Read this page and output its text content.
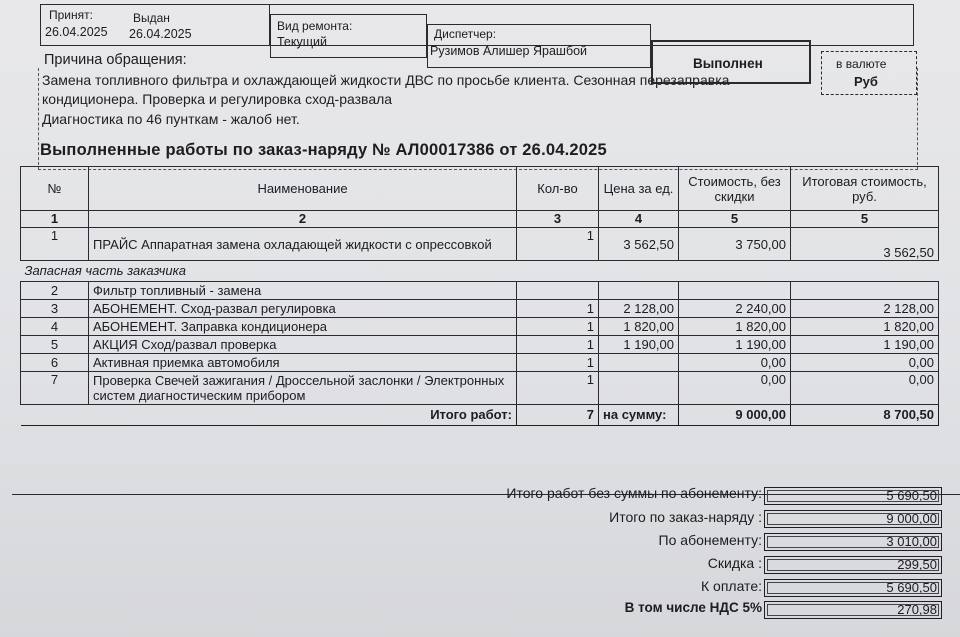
Принят:	Выдан
26.04.2025 26.04.2025
Вид ремонта:
Текущий
Диспетчер:
Рузимов Алишер Ярашбой
Выполнен	в валюте
Руб
Причина обращения:
Замена топливного фильтра и охлаждающей жидкости ДВС по просьбе клиента. Сезонная перезаправка
кондиционера. Проверка и регулировка сход-развала
Диагностика по 46 пунткам - жалоб нет.
Выполненные работы по заказ-наряду № АЛ00017386 от 26.04.2025
№	Наименование	Кол-во	Цена за ед.	Стоимость, без скидки	Итоговая стоимость, руб.
1	2	3	4	5	5
1	ПРАЙС Аппаратная замена охладающей жидкости с опрессовкой	1	3 562,50	3 750,00	3 562,50
Запасная часть заказчика					
2	Фильтр топливный - замена				
3	АБОНЕМЕНТ. Сход-развал регулировка	1	2 128,00	2 240,00	2 128,00
4	АБОНЕМЕНТ. Заправка кондиционера	1	1 820,00	1 820,00	1 820,00
5	АКЦИЯ Сход/развал проверка	1	1 190,00	1 190,00	1 190,00
6	Активная приемка автомобиля	1		0,00	0,00
7	Проверка Свечей зажигания / Дроссельной заслонки / Электронных систем диагностическим прибором	1		0,00	0,00
Итого работ:		7	на сумму:	9 000,00	8 700,50
Итого работ без суммы по абонементу:	5 690,50
Итого по заказ-наряду :	9 000,00
По абонементу:	3 010,00
Скидка :	299,50
К оплате:	5 690,50
В том числе НДС 5%	270,98
